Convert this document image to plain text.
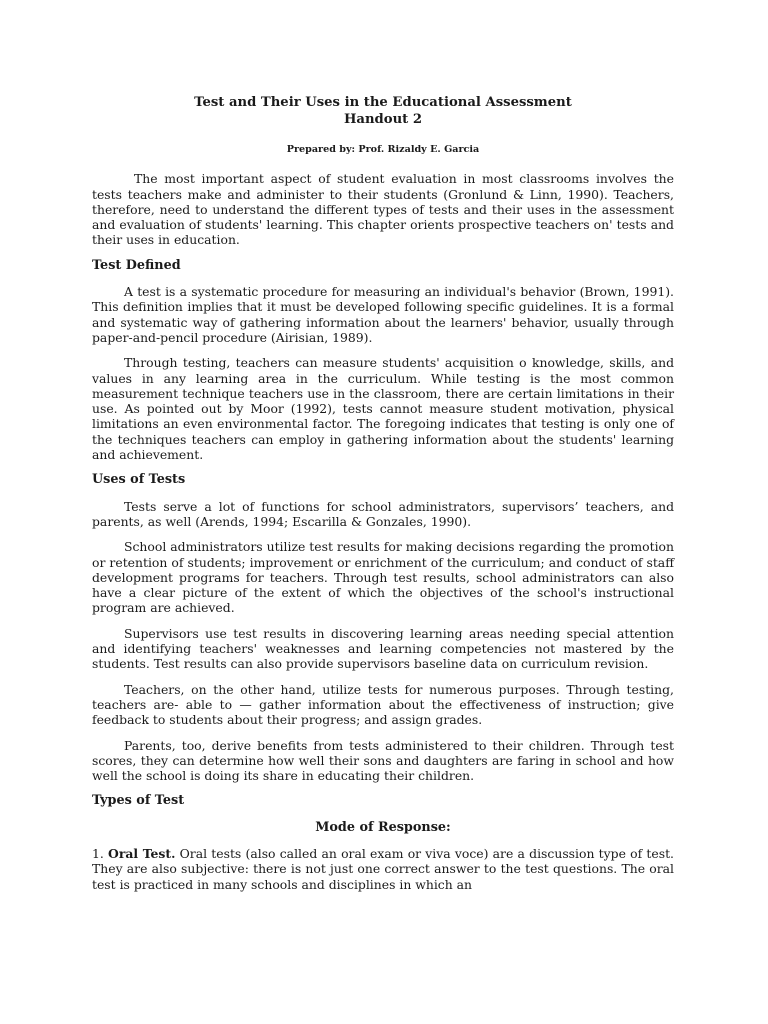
Test and Their Uses in the Educational Assessment
Handout 2
Prepared by: Prof. Rizaldy E. Garcia

The most important aspect of student evaluation in most classrooms involves the tests teachers make and administer to their students (Gronlund & Linn, 1990). Teachers, therefore, need to understand the different types of tests and their uses in the assessment and evaluation of students' learning. This chapter orients prospective teachers on' tests and their uses in education.

Test Defined

A test is a systematic procedure for measuring an individual's behavior (Brown, 1991). This definition implies that it must be developed following specific guidelines. It is a formal and systematic way of gathering information about the learners' behavior, usually through paper-and-pencil procedure (Airisian, 1989).

Through testing, teachers can measure students' acquisition o knowledge, skills, and values in any learning area in the curriculum. While testing is the most common measurement technique teachers use in the classroom, there are certain limitations in their use. As pointed out by Moor (1992), tests cannot measure student motivation, physical limitations an even environmental factor. The foregoing indicates that testing is only one of the techniques teachers can employ in gathering information about the students' learning and achievement.

Uses of Tests

Tests serve a lot of functions for school administrators, supervisors’ teachers, and parents, as well (Arends, 1994; Escarilla & Gonzales, 1990).

School administrators utilize test results for making decisions regarding the promotion or retention of students; improvement or enrichment of the curriculum; and conduct of staff development programs for teachers. Through test results, school administrators can also have a clear picture of the extent of which the objectives of the school's instructional program are achieved.

Supervisors use test results in discovering learning areas needing special attention and identifying teachers' weaknesses and learning competencies not mastered by the students. Test results can also provide supervisors baseline data on curriculum revision.

Teachers, on the other hand, utilize tests for numerous purposes. Through testing, teachers are- able to — gather information about the effectiveness of instruction; give feedback to students about their progress; and assign grades.

Parents, too, derive benefits from tests administered to their children. Through test scores, they can determine how well their sons and daughters are faring in school and how well the school is doing its share in educating their children.

Types of Test
Mode of Response:

1. Oral Test. Oral tests (also called an oral exam or viva voce) are a discussion type of test. They are also subjective: there is not just one correct answer to the test questions. The oral test is practiced in many schools and disciplines in which an
